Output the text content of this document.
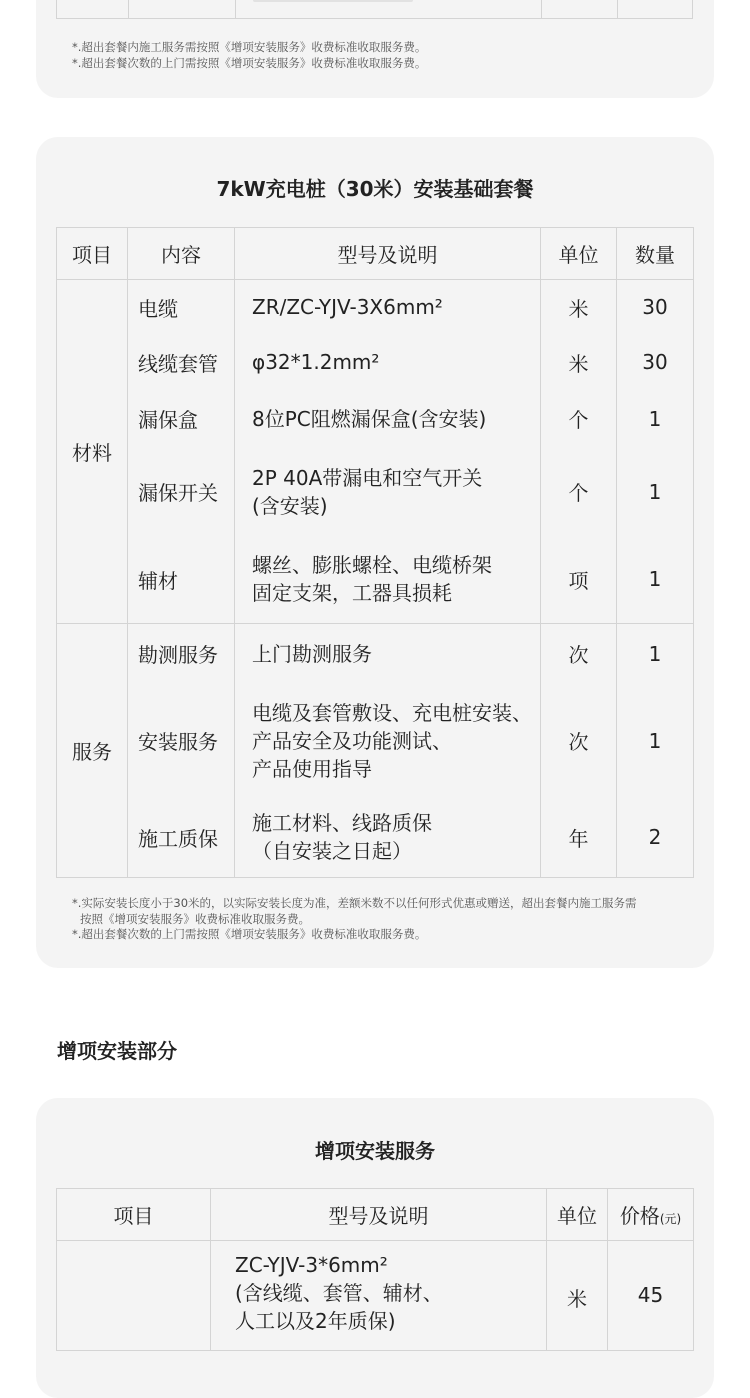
*.超出套餐内施工服务需按照《增项安装服务》收费标准收取服务费。
*.超出套餐次数的上门需按照《增项安装服务》收费标准收取服务费。
7kW充电桩（30米）安装基础套餐
项目	内容	型号及说明	单位	数量
材料	电缆	ZR/ZC-YJV-3X6mm²	米	30
	线缆套管	φ32*1.2mm²	米	30
	漏保盒	8位PC阻燃漏保盒(含安装)	个	1
	漏保开关	2P 40A带漏电和空气开关
(含安装)	个	1
	辅材	螺丝、膨胀螺栓、电缆桥架
固定支架，工器具损耗	项	1
服务	勘测服务	上门勘测服务	次	1
	安装服务	电缆及套管敷设、充电桩安装、
产品安全及功能测试、
产品使用指导	次	1
	施工质保	施工材料、线路质保
（自安装之日起）	年	2
*.实际安装长度小于30米的，以实际安装长度为准，差额米数不以任何形式优惠或赠送，超出套餐内施工服务需
按照《增项安装服务》收费标准收取服务费。
*.超出套餐次数的上门需按照《增项安装服务》收费标准收取服务费。
增项安装部分
增项安装服务
项目	型号及说明	单位	价格(元)

	ZC-YJV-3*6mm²
(含线缆、套管、辅材、
人工以及2年质保)	米	45
